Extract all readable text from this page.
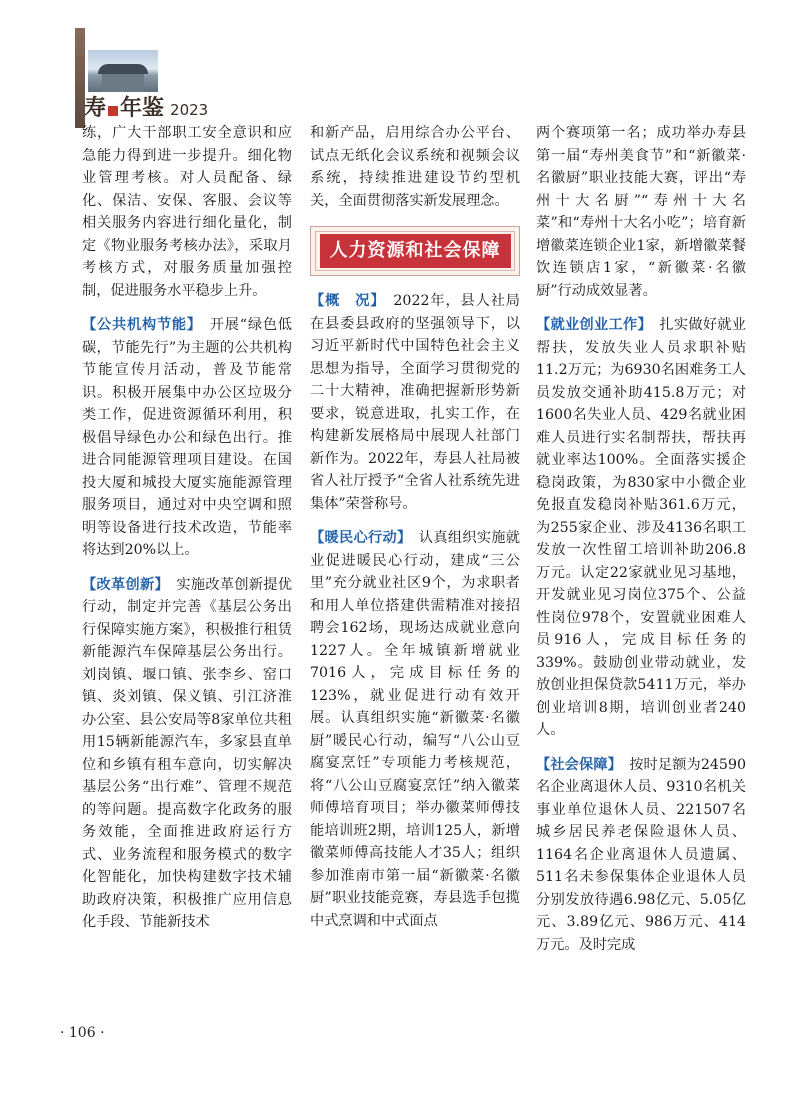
寿 年鉴 2023

练，广大干部职工安全意识和应急能力得到进一步提升。细化物业管理考核。对人员配备、绿化、保洁、安保、客服、会议等相关服务内容进行细化量化，制定《物业服务考核办法》，采取月考核方式，对服务质量加强控制，促进服务水平稳步上升。

【公共机构节能】　开展“绿色低碳，节能先行”为主题的公共机构节能宣传月活动，普及节能常识。积极开展集中办公区垃圾分类工作，促进资源循环利用，积极倡导绿色办公和绿色出行。推进合同能源管理项目建设。在国投大厦和城投大厦实施能源管理服务项目，通过对中央空调和照明等设备进行技术改造，节能率将达到20%以上。

【改革创新】　实施改革创新提优行动，制定并完善《基层公务出行保障实施方案》，积极推行租赁新能源汽车保障基层公务出行。刘岗镇、堰口镇、张李乡、窑口镇、炎刘镇、保义镇、引江济淮办公室、县公安局等8家单位共租用15辆新能源汽车，多家县直单位和乡镇有租车意向，切实解决基层公务“出行难”、管理不规范的等问题。提高数字化政务的服务效能，全面推进政府运行方式、业务流程和服务模式的数字化智能化，加快构建数字技术辅助政府决策，积极推广应用信息化手段、节能新技术

和新产品，启用综合办公平台、试点无纸化会议系统和视频会议系统，持续推进建设节约型机关，全面贯彻落实新发展理念。

人力资源和社会保障

【概　况】　2022年，县人社局在县委县政府的坚强领导下，以习近平新时代中国特色社会主义思想为指导，全面学习贯彻党的二十大精神，准确把握新形势新要求，锐意进取，扎实工作，在构建新发展格局中展现人社部门新作为。2022年，寿县人社局被省人社厅授予“全省人社系统先进集体”荣誉称号。

【暖民心行动】　认真组织实施就业促进暖民心行动，建成“三公里”充分就业社区9个，为求职者和用人单位搭建供需精准对接招聘会162场，现场达成就业意向1227人。全年城镇新增就业7016人，完成目标任务的123%，就业促进行动有效开展。认真组织实施“新徽菜·名徽厨”暖民心行动，编写“八公山豆腐宴烹饪”专项能力考核规范，将“八公山豆腐宴烹饪”纳入徽菜师傅培育项目；举办徽菜师傅技能培训班2期，培训125人，新增徽菜师傅高技能人才35人；组织参加淮南市第一届“新徽菜·名徽厨”职业技能竞赛，寿县选手包揽中式烹调和中式面点

两个赛项第一名；成功举办寿县第一届“寿州美食节”和“新徽菜·名徽厨”职业技能大赛，评出“寿州十大名厨”“寿州十大名菜”和“寿州十大名小吃”；培育新增徽菜连锁企业1家，新增徽菜餐饮连锁店1家，“新徽菜·名徽厨”行动成效显著。

【就业创业工作】　扎实做好就业帮扶，发放失业人员求职补贴11.2万元；为6930名困难务工人员发放交通补助415.8万元；对1600名失业人员、429名就业困难人员进行实名制帮扶，帮扶再就业率达100%。全面落实援企稳岗政策，为830家中小微企业免报直发稳岗补贴361.6万元，为255家企业、涉及4136名职工发放一次性留工培训补助206.8万元。认定22家就业见习基地，开发就业见习岗位375个、公益性岗位978个，安置就业困难人员916人，完成目标任务的339%。鼓励创业带动就业，发放创业担保贷款5411万元，举办创业培训8期，培训创业者240人。

【社会保障】　按时足额为24590名企业离退休人员、9310名机关事业单位退休人员、221507名城乡居民养老保险退休人员、1164名企业离退休人员遗属、511名未参保集体企业退休人员分别发放待遇6.98亿元、5.05亿元、3.89亿元、986万元、414万元。及时完成

· 106 ·
